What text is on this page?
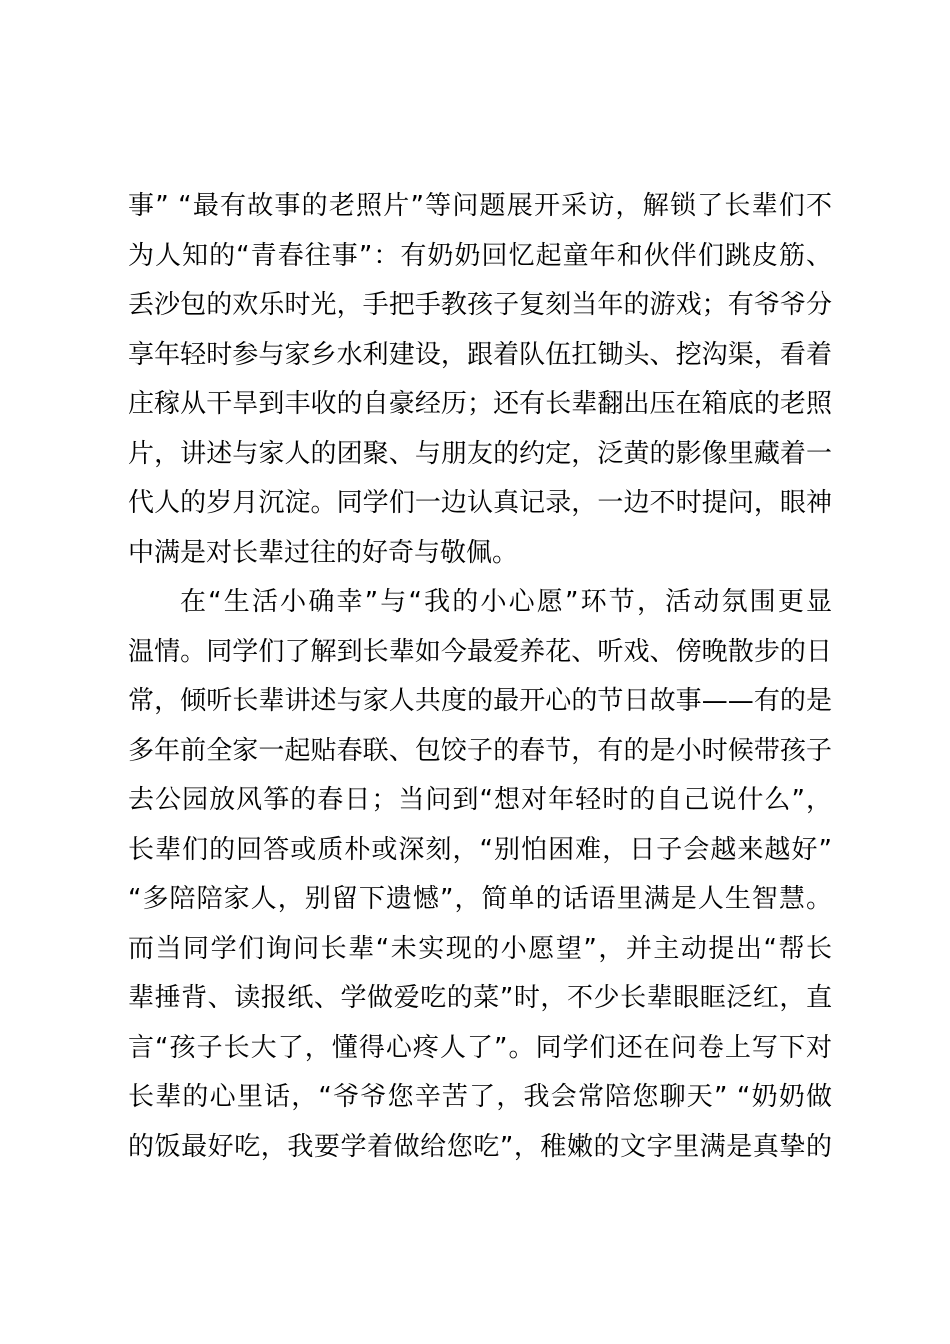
事” “最有故事的老照片”等问题展开采访，解锁了长辈们不
为人知的“青春往事”：有奶奶回忆起童年和伙伴们跳皮筋、
丢沙包的欢乐时光，手把手教孩子复刻当年的游戏；有爷爷分
享年轻时参与家乡水利建设，跟着队伍扛锄头、挖沟渠，看着
庄稼从干旱到丰收的自豪经历；还有长辈翻出压在箱底的老照
片，讲述与家人的团聚、与朋友的约定，泛黄的影像里藏着一
代人的岁月沉淀。同学们一边认真记录，一边不时提问，眼神
中满是对长辈过往的好奇与敬佩。
在“生活小确幸”与“我的小心愿”环节，活动氛围更显
温情。同学们了解到长辈如今最爱养花、听戏、傍晚散步的日
常，倾听长辈讲述与家人共度的最开心的节日故事——有的是
多年前全家一起贴春联、包饺子的春节，有的是小时候带孩子
去公园放风筝的春日；当问到“想对年轻时的自己说什么”，
长辈们的回答或质朴或深刻，“别怕困难，日子会越来越好”
“多陪陪家人，别留下遗憾”，简单的话语里满是人生智慧。
而当同学们询问长辈“未实现的小愿望”，并主动提出“帮长
辈捶背、读报纸、学做爱吃的菜”时，不少长辈眼眶泛红，直
言“孩子长大了，懂得心疼人了”。同学们还在问卷上写下对
长辈的心里话，“爷爷您辛苦了，我会常陪您聊天” “奶奶做
的饭最好吃，我要学着做给您吃”，稚嫩的文字里满是真挚的
